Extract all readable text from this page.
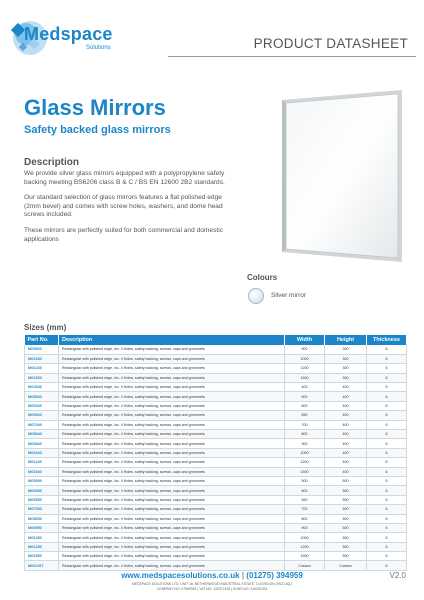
Medspace
Solutions	PRODUCT DATASHEET
Glass Mirrors
Safety backed glass mirrors
Description

We provide silver glass mirrors equipped with a polypropylene safety backing meeting BS6206 class B & C / BS EN 12600 2B2 standards.

Our standard selection of glass mirrors features a flat polished edge (2mm bevel) and comes with screw holes, washers, and dome head screws included.

These mirrors are perfectly suited for both commercial and domestic applications

Colours
Silver mirror
Sizes (mm)
Part No.	Description	Width	Height	Thickness
MG0630	Rectangular with polished edge, inc. 4 Holes, safety backing, screws, caps and grommets	900	300	6
MG1030	Rectangular with polished edge, inc. 4 Holes, safety backing, screws, caps and grommets	1000	300	6
MG1230	Rectangular with polished edge, inc. 4 Holes, safety backing, screws, caps and grommets	1200	300	6
MG1530	Rectangular with polished edge, inc. 4 Holes, safety backing, screws, caps and grommets	1500	300	6
MG4040	Rectangular with polished edge, inc. 4 Holes, safety backing, screws, caps and grommets	400	400	6
MG5040	Rectangular with polished edge, inc. 4 Holes, safety backing, screws, caps and grommets	500	400	6
MG6040	Rectangular with polished edge, inc. 4 Holes, safety backing, screws, caps and grommets	600	400	6
MG6540	Rectangular with polished edge, inc. 4 Holes, safety backing, screws, caps and grommets	650	400	6
MG7040	Rectangular with polished edge, inc. 4 Holes, safety backing, screws, caps and grommets	700	400	6
MG8040	Rectangular with polished edge, inc. 4 Holes, safety backing, screws, caps and grommets	800	400	6
MG9040	Rectangular with polished edge, inc. 4 Holes, safety backing, screws, caps and grommets	900	400	6
MG1040	Rectangular with polished edge, inc. 4 Holes, safety backing, screws, caps and grommets	1000	400	6
MG1240	Rectangular with polished edge, inc. 4 Holes, safety backing, screws, caps and grommets	1200	400	6
MG1540	Rectangular with polished edge, inc. 4 Holes, safety backing, screws, caps and grommets	1500	400	6
MG5050	Rectangular with polished edge, inc. 4 Holes, safety backing, screws, caps and grommets	500	500	6
MG6050	Rectangular with polished edge, inc. 4 Holes, safety backing, screws, caps and grommets	600	500	6
MG6550	Rectangular with polished edge, inc. 4 Holes, safety backing, screws, caps and grommets	650	500	6
MG7050	Rectangular with polished edge, inc. 4 Holes, safety backing, screws, caps and grommets	700	500	6
MG8050	Rectangular with polished edge, inc. 4 Holes, safety backing, screws, caps and grommets	800	500	6
MG9050	Rectangular with polished edge, inc. 4 Holes, safety backing, screws, caps and grommets	900	500	6
MG1050	Rectangular with polished edge, inc. 4 Holes, safety backing, screws, caps and grommets	1000	500	6
MG1250	Rectangular with polished edge, inc. 4 Holes, safety backing, screws, caps and grommets	1200	500	6
MG1550	Rectangular with polished edge, inc. 4 Holes, safety backing, screws, caps and grommets	1500	500	6
MGCUST	Rectangular with polished edge, inc. 4 Holes, safety backing, screws, caps and grommets	Custom	Custom	6
www.medspacesolutions.co.uk | (01275) 394959
MEDSPACE SOLUTIONS LTD, UNIT 16, NETHERWOOD INDUSTRIAL ESTATE, CLEVEDON, BS21 6QJ
COMPANY NO: 07969352 | VAT NO: 130372128 | DUNS NO: 216251524
V2.0
